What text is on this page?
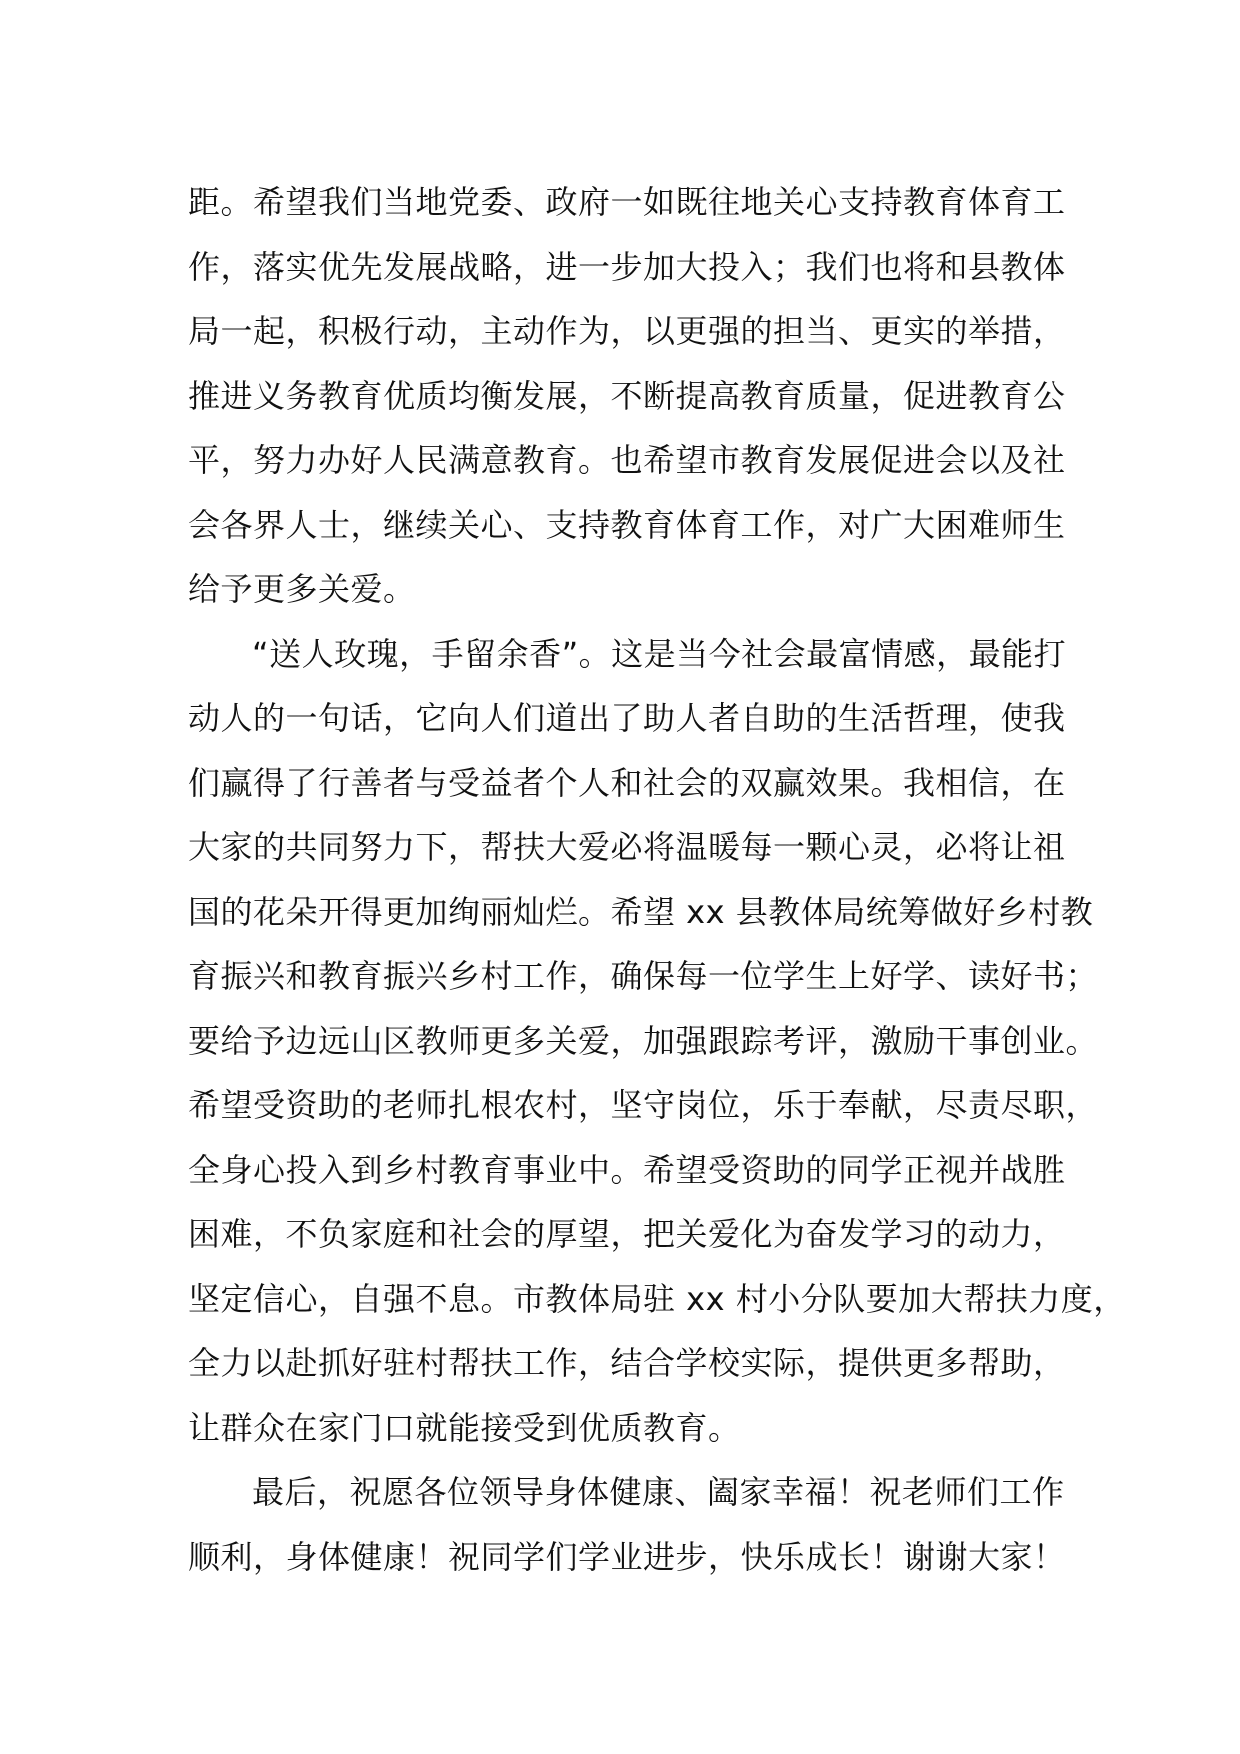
距。希望我们当地党委、政府一如既往地关心支持教育体育工
作，落实优先发展战略，进一步加大投入；我们也将和县教体
局一起，积极行动，主动作为，以更强的担当、更实的举措，
推进义务教育优质均衡发展，不断提高教育质量，促进教育公
平，努力办好人民满意教育。也希望市教育发展促进会以及社
会各界人士，继续关心、支持教育体育工作，对广大困难师生
给予更多关爱。
“送人玫瑰，手留余香”。这是当今社会最富情感，最能打
动人的一句话，它向人们道出了助人者自助的生活哲理，使我
们赢得了行善者与受益者个人和社会的双赢效果。我相信，在
大家的共同努力下，帮扶大爱必将温暖每一颗心灵，必将让祖
国的花朵开得更加绚丽灿烂。希望 xx 县教体局统筹做好乡村教
育振兴和教育振兴乡村工作，确保每一位学生上好学、读好书；
要给予边远山区教师更多关爱，加强跟踪考评，激励干事创业。
希望受资助的老师扎根农村，坚守岗位，乐于奉献，尽责尽职，
全身心投入到乡村教育事业中。希望受资助的同学正视并战胜
困难，不负家庭和社会的厚望，把关爱化为奋发学习的动力，
坚定信心，自强不息。市教体局驻 xx 村小分队要加大帮扶力度，
全力以赴抓好驻村帮扶工作，结合学校实际，提供更多帮助，
让群众在家门口就能接受到优质教育。
最后，祝愿各位领导身体健康、阖家幸福！祝老师们工作
顺利，身体健康！祝同学们学业进步，快乐成长！谢谢大家！
